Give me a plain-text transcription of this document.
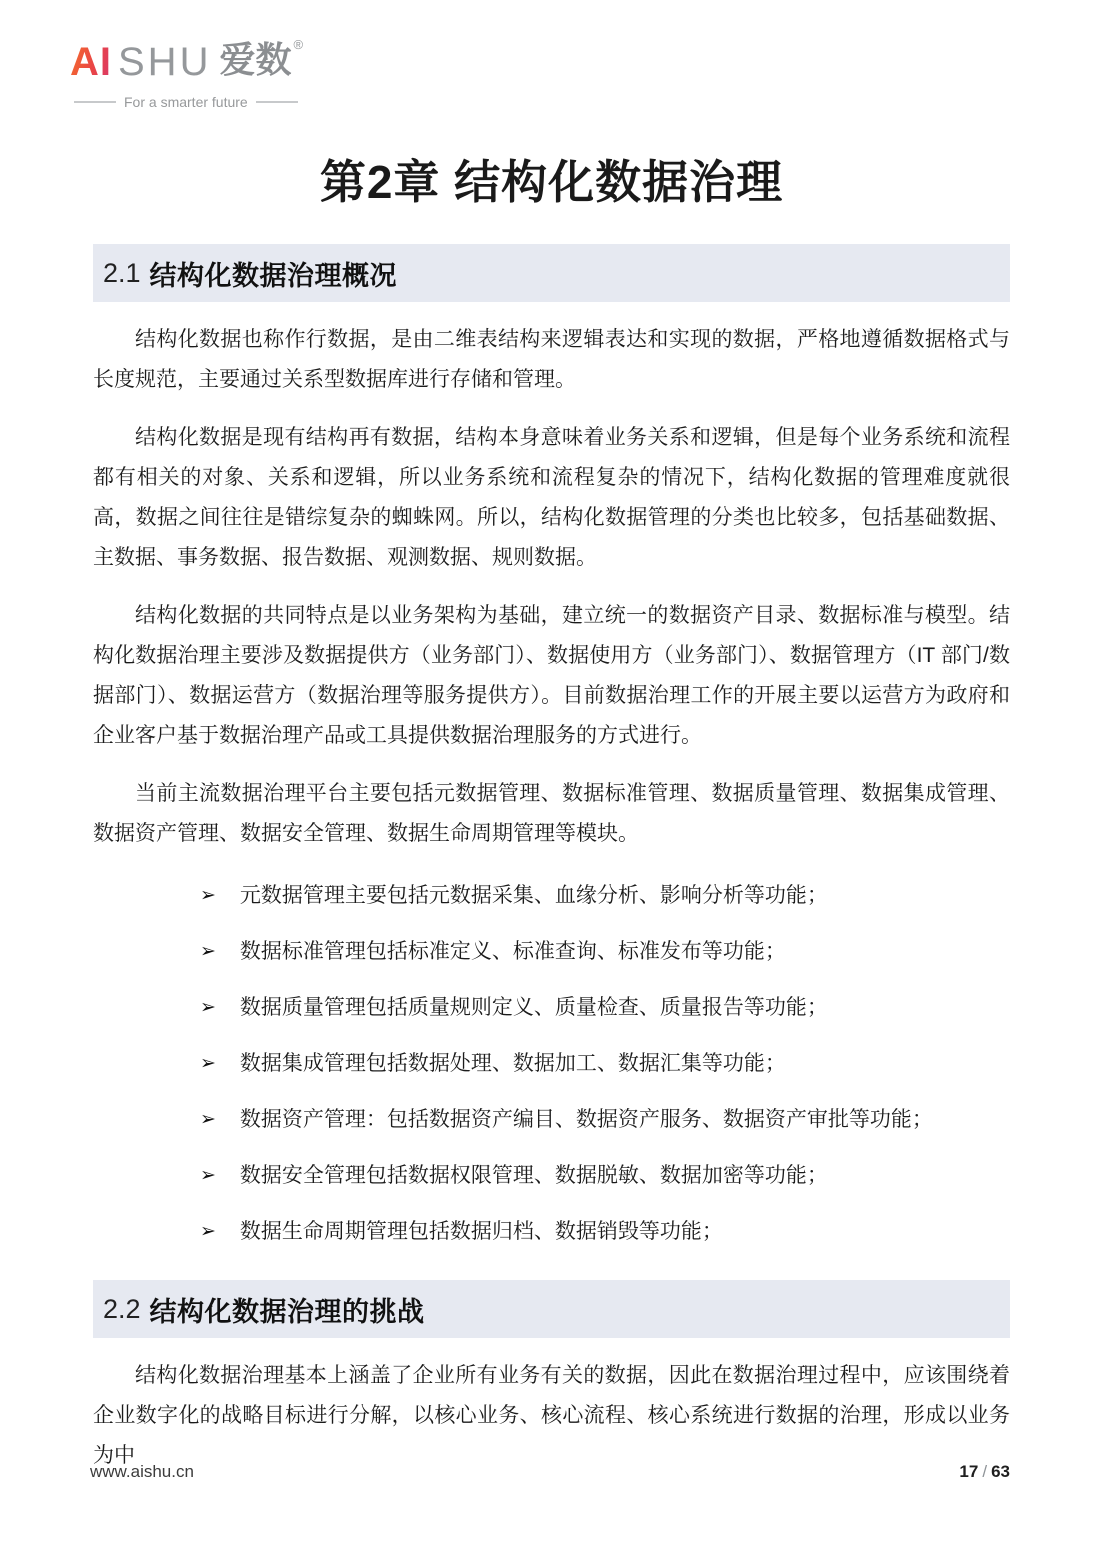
AI SHU 爱数 ®
For a smarter future
第2章 结构化数据治理
2.1 结构化数据治理概况

结构化数据也称作行数据，是由二维表结构来逻辑表达和实现的数据，严格地遵循数据格式与长度规范，主要通过关系型数据库进行存储和管理。

结构化数据是现有结构再有数据，结构本身意味着业务关系和逻辑，但是每个业务系统和流程都有相关的对象、关系和逻辑，所以业务系统和流程复杂的情况下，结构化数据的管理难度就很高，数据之间往往是错综复杂的蜘蛛网。所以，结构化数据管理的分类也比较多，包括基础数据、主数据、事务数据、报告数据、观测数据、规则数据。

结构化数据的共同特点是以业务架构为基础，建立统一的数据资产目录、数据标准与模型。结构化数据治理主要涉及数据提供方（业务部门）、数据使用方（业务部门）、数据管理方（IT 部门/数据部门）、数据运营方（数据治理等服务提供方）。目前数据治理工作的开展主要以运营方为政府和企业客户基于数据治理产品或工具提供数据治理服务的方式进行。

当前主流数据治理平台主要包括元数据管理、数据标准管理、数据质量管理、数据集成管理、数据资产管理、数据安全管理、数据生命周期管理等模块。

➢ 元数据管理主要包括元数据采集、血缘分析、影响分析等功能；
➢ 数据标准管理包括标准定义、标准查询、标准发布等功能；
➢ 数据质量管理包括质量规则定义、质量检查、质量报告等功能；
➢ 数据集成管理包括数据处理、数据加工、数据汇集等功能；
➢ 数据资产管理：包括数据资产编目、数据资产服务、数据资产审批等功能；
➢ 数据安全管理包括数据权限管理、数据脱敏、数据加密等功能；
➢ 数据生命周期管理包括数据归档、数据销毁等功能；
2.2 结构化数据治理的挑战

结构化数据治理基本上涵盖了企业所有业务有关的数据，因此在数据治理过程中，应该围绕着企业数字化的战略目标进行分解，以核心业务、核心流程、核心系统进行数据的治理，形成以业务为中

www.aishu.cn	17 / 63
